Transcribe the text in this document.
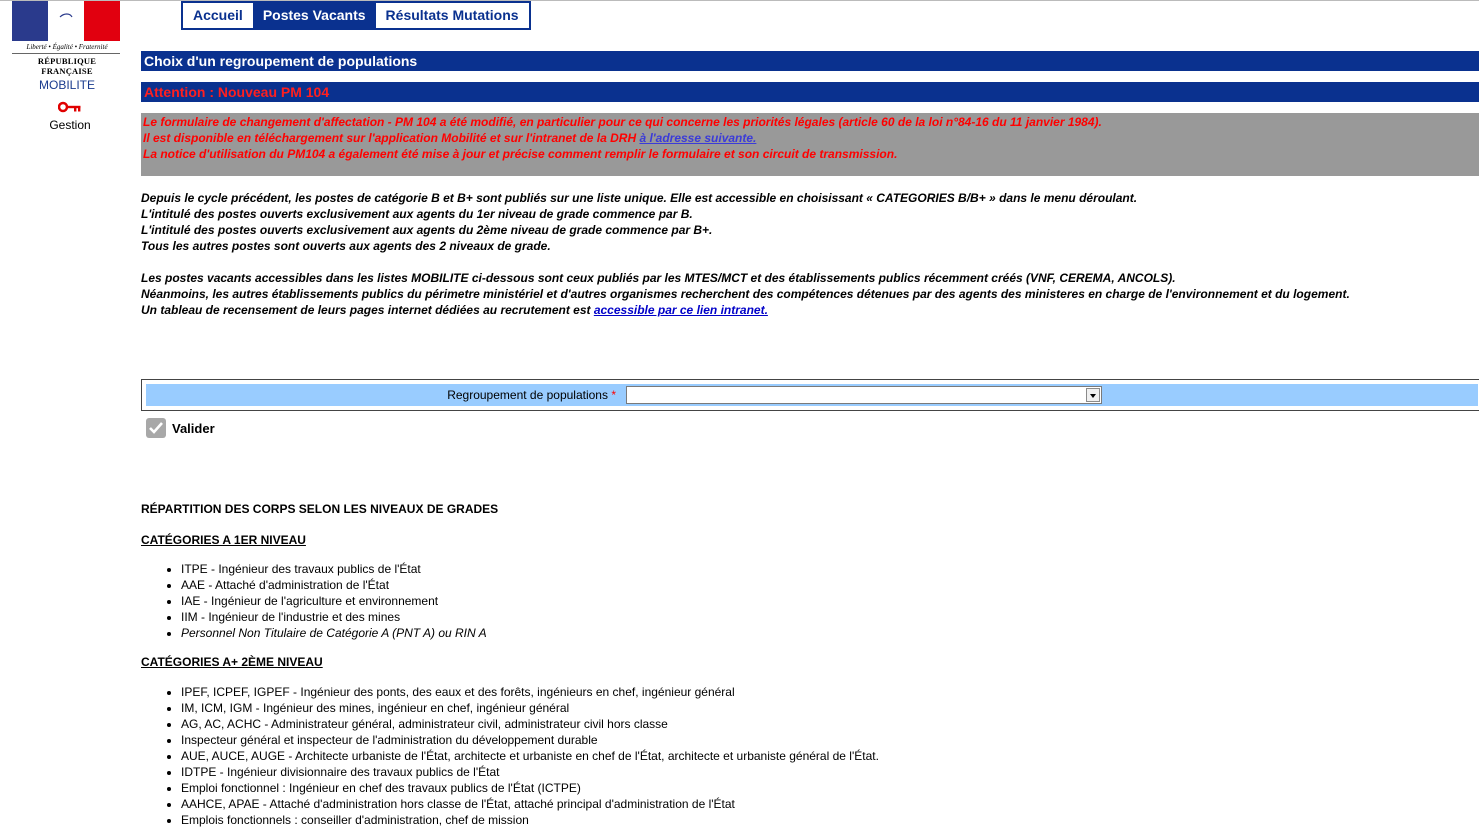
Liberté • Égalité • Fraternité
RÉPUBLIQUE FRANÇAISE
MOBILITE
Gestion
Accueil	Postes Vacants	Résultats Mutations
Choix d'un regroupement de populations
Attention : Nouveau PM 104
Le formulaire de changement d'affectation - PM 104 a été modifié, en particulier pour ce qui concerne les priorités légales (article 60 de la loi n°84-16 du 11 janvier 1984).
Il est disponible en téléchargement sur l'application Mobilité et sur l'intranet de la DRH à l'adresse suivante.
La notice d'utilisation du PM104 a également été mise à jour et précise comment remplir le formulaire et son circuit de transmission.
Depuis le cycle précédent, les postes de catégorie B et B+ sont publiés sur une liste unique. Elle est accessible en choisissant « CATEGORIES B/B+ » dans le menu déroulant.
L'intitulé des postes ouverts exclusivement aux agents du 1er niveau de grade commence par B.
L'intitulé des postes ouverts exclusivement aux agents du 2ème niveau de grade commence par B+.
Tous les autres postes sont ouverts aux agents des 2 niveaux de grade.
Les postes vacants accessibles dans les listes MOBILITE ci-dessous sont ceux publiés par les MTES/MCT et des établissements publics récemment créés (VNF, CEREMA, ANCOLS).
Néanmoins, les autres établissements publics du périmetre ministériel et d'autres organismes recherchent des compétences détenues par des agents des ministeres en charge de l'environnement et du logement.
Un tableau de recensement de leurs pages internet dédiées au recrutement est accessible par ce lien intranet.
Regroupement de populations *
Valider
RÉPARTITION DES CORPS SELON LES NIVEAUX DE GRADES
CATÉGORIES A 1ER NIVEAU
• ITPE - Ingénieur des travaux publics de l'État
• AAE - Attaché d'administration de l'État
• IAE - Ingénieur de l'agriculture et environnement
• IIM - Ingénieur de l'industrie et des mines
• Personnel Non Titulaire de Catégorie A (PNT A) ou RIN A
CATÉGORIES A+ 2ÈME NIVEAU
• IPEF, ICPEF, IGPEF - Ingénieur des ponts, des eaux et des forêts, ingénieurs en chef, ingénieur général
• IM, ICM, IGM - Ingénieur des mines, ingénieur en chef, ingénieur général
• AG, AC, ACHC - Administrateur général, administrateur civil, administrateur civil hors classe
• Inspecteur général et inspecteur de l'administration du développement durable
• AUE, AUCE, AUGE - Architecte urbaniste de l'État, architecte et urbaniste en chef de l'État, architecte et urbaniste général de l'État.
• IDTPE - Ingénieur divisionnaire des travaux publics de l'État
• Emploi fonctionnel : Ingénieur en chef des travaux publics de l'État (ICTPE)
• AAHCE, APAE - Attaché d'administration hors classe de l'État, attaché principal d'administration de l'État
• Emplois fonctionnels : conseiller d'administration, chef de mission
